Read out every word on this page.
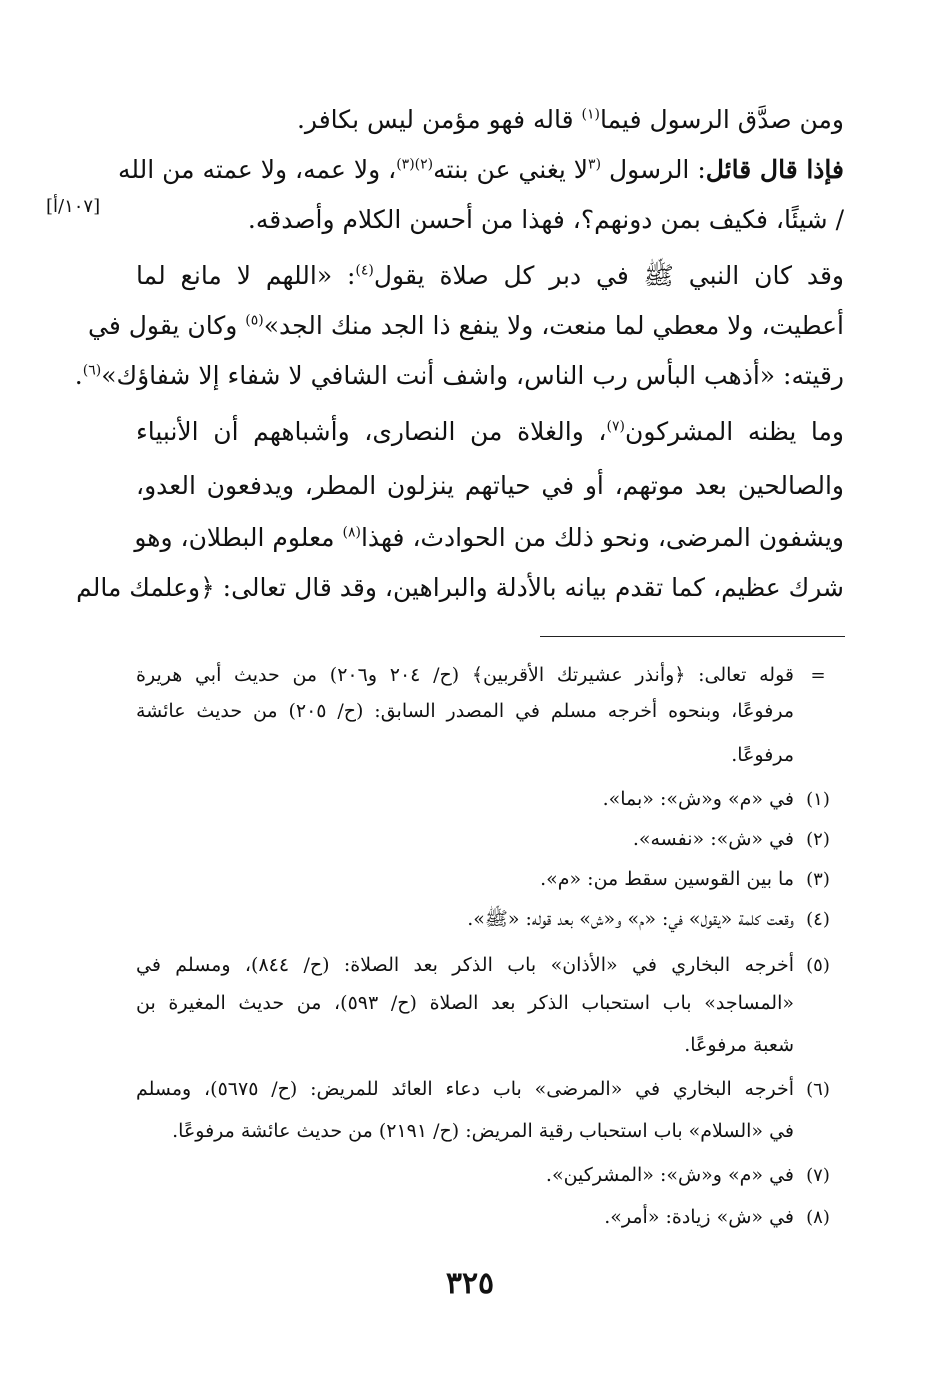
ومن صدَّق الرسول فيما$^{(١)}$ قاله فهو مؤمن ليس بكافر.
فإذا قال قائل: الرسول $^{(٣}$لا يغني عن بنته$^{(٢)(٣)}$، ولا عمه، ولا عمته من الله
/ شيئًا، فكيف بمن دونهم؟، فهذا من أحسن الكلام وأصدقه.
[١٠٧/أ]
وقد كان النبي ﷺ في دبر كل صلاة يقول$^{(٤)}$: «اللهم لا مانع لما
أعطيت، ولا معطي لما منعت، ولا ينفع ذا الجد منك الجد»$^{(٥)}$ وكان يقول في
رقيته: «أذهب البأس رب الناس، واشف أنت الشافي لا شفاء إلا شفاؤك»$^{(٦)}$.
وما يظنه المشركون$^{(٧)}$، والغلاة من النصارى، وأشباههم أن الأنبياء
والصالحين بعد موتهم، أو في حياتهم ينزلون المطر، ويدفعون العدو،
ويشفون المرضى، ونحو ذلك من الحوادث، فهذا$^{(٨)}$ معلوم البطلان، وهو
شرك عظيم، كما تقدم بيانه بالأدلة والبراهين، وقد قال تعالى: ﴿وعلمك مالم
=
قوله تعالى: ﴿وأنذر عشيرتك الأقربين﴾ (ح/ ٢٠٤ و٢٠٦) من حديث أبي هريرة
مرفوعًا، وبنحوه أخرجه مسلم في المصدر السابق: (ح/ ٢٠٥) من حديث عائشة
مرفوعًا.
(١)
في «م» و«ش»: «بما».
(٢)
في «ش»: «نفسه».
(٣)
ما بين القوسين سقط من: «م».
(٤)
وقعت كلمة «يقول» في: «م» و«ش» بعد قوله: «ﷺ».
(٥)
أخرجه البخاري في «الأذان» باب الذكر بعد الصلاة: (ح/ ٨٤٤)، ومسلم في
«المساجد» باب استحباب الذكر بعد الصلاة (ح/ ٥٩٣)، من حديث المغيرة بن
شعبة مرفوعًا.
(٦)
أخرجه البخاري في «المرضى» باب دعاء العائد للمريض: (ح/ ٥٦٧٥)، ومسلم
في «السلام» باب استحباب رقية المريض: (ح/ ٢١٩١) من حديث عائشة مرفوعًا.
(٧)
في «م» و«ش»: «المشركين».
(٨)
في «ش» زيادة: «أمر».
٣٢٥
